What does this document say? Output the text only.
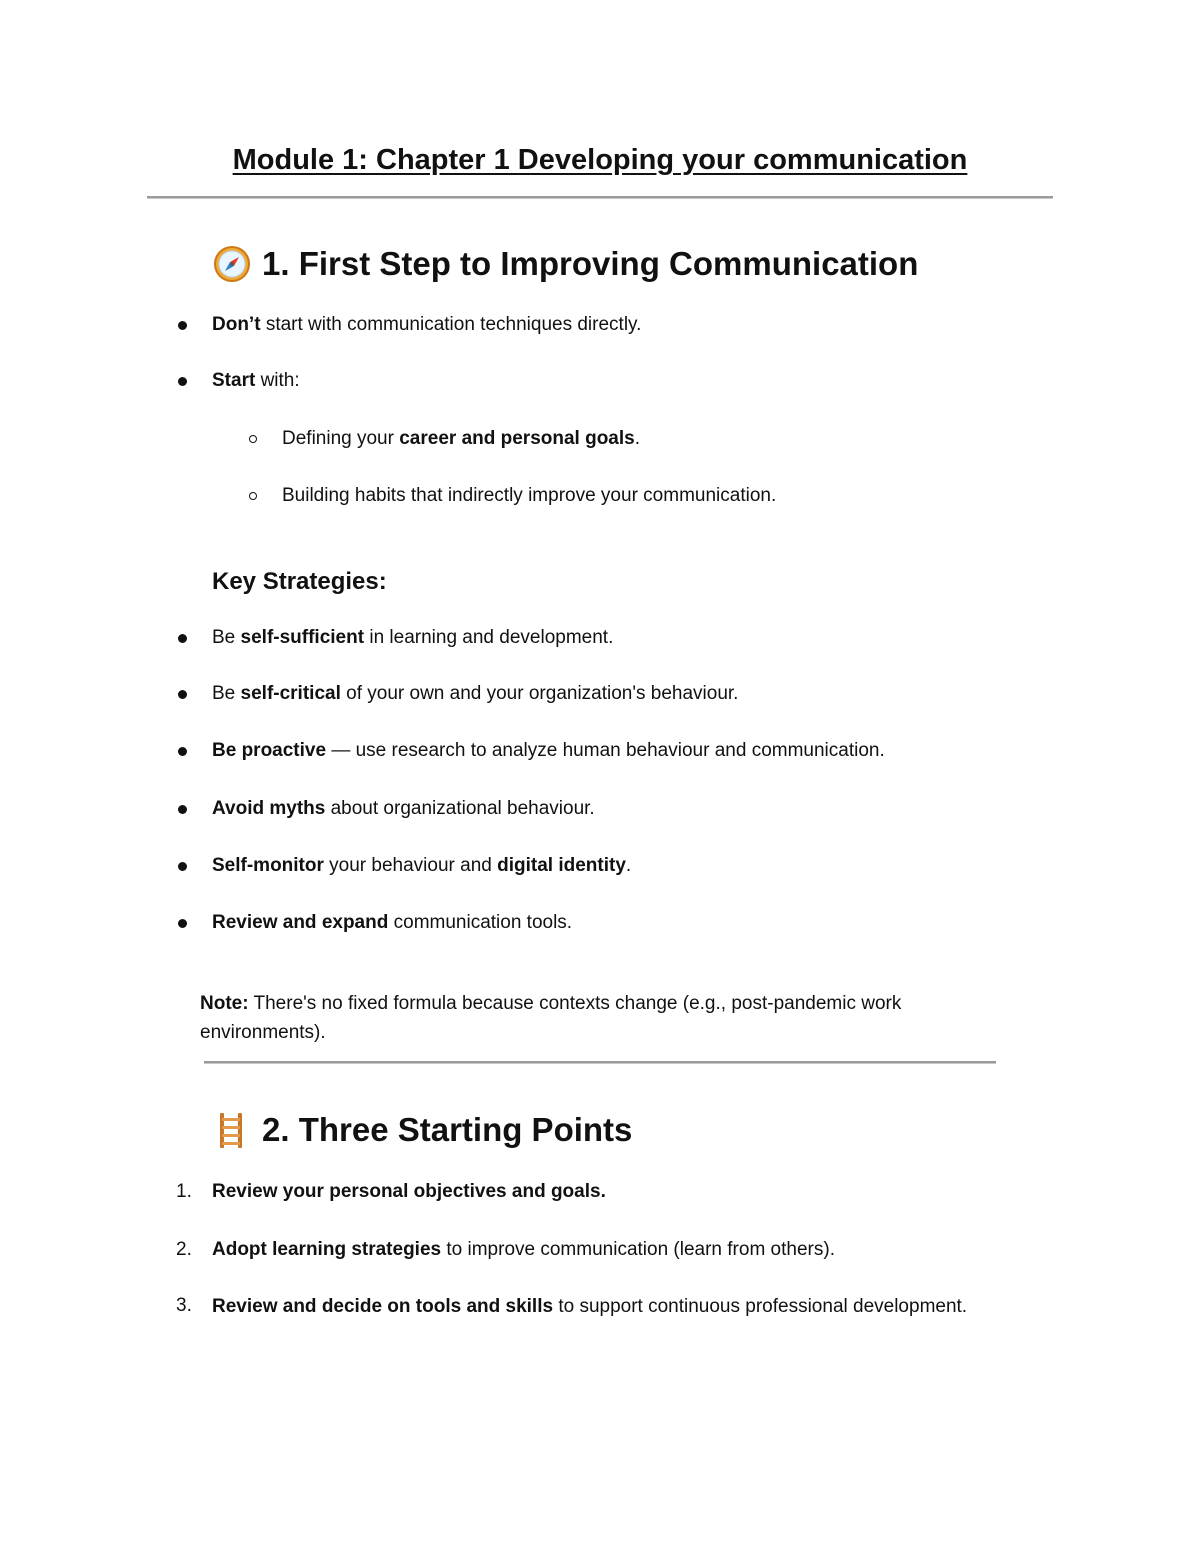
Module 1: Chapter 1 Developing your communication
1. First Step to Improving Communication
Don’t start with communication techniques directly.
Start with:
Defining your career and personal goals.
Building habits that indirectly improve your communication.
Key Strategies:
Be self-sufficient in learning and development.
Be self-critical of your own and your organization's behaviour.
Be proactive — use research to analyze human behaviour and communication.
Avoid myths about organizational behaviour.
Self-monitor your behaviour and digital identity.
Review and expand communication tools.
Note: There's no fixed formula because contexts change (e.g., post-pandemic work environments).
2. Three Starting Points
1. Review your personal objectives and goals.
2. Adopt learning strategies to improve communication (learn from others).
3. Review and decide on tools and skills to support continuous professional development.
